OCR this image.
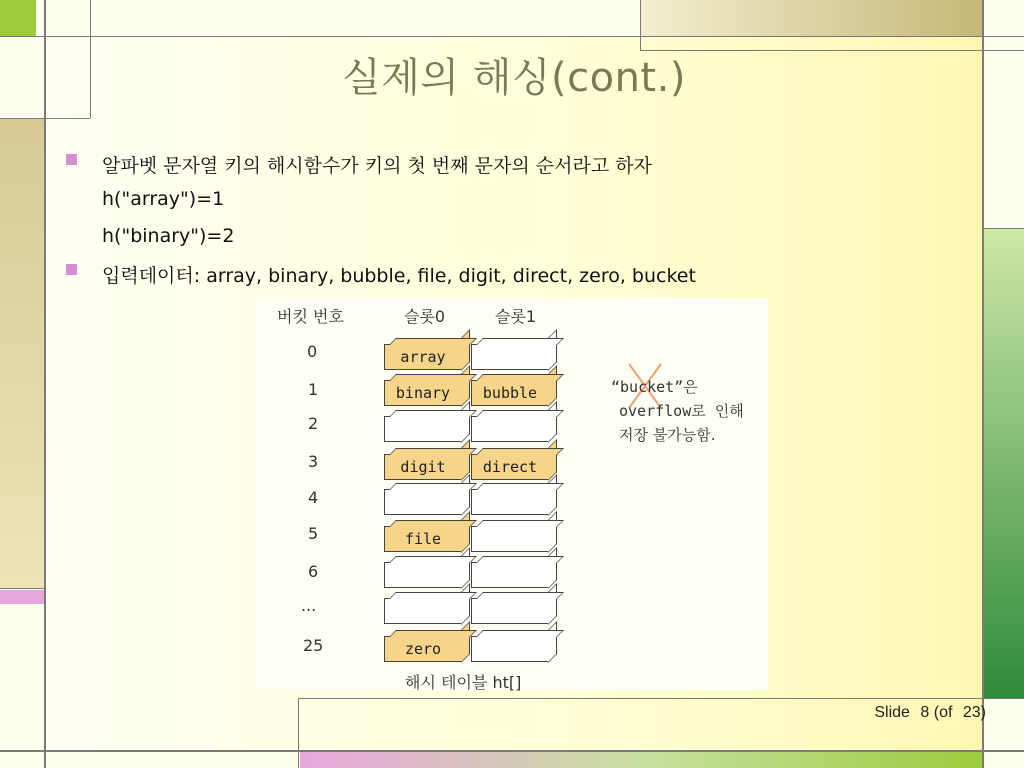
실제의 해싱(cont.)
알파벳 문자열 키의 해시함수가 키의 첫 번째 문자의 순서라고 하자
h("array")=1
h("binary")=2
입력데이터: array, binary, bubble, file, digit, direct, zero, bucket
버킷 번호	슬롯0	슬롯1
0	array
1	binary	bubble
2
3	digit	direct
4
5	file
6
...
25	zero
“bucket”은
overflow로 인해
저장 불가능함.
해시 테이블 ht[]
Slide 8 (of 23)
